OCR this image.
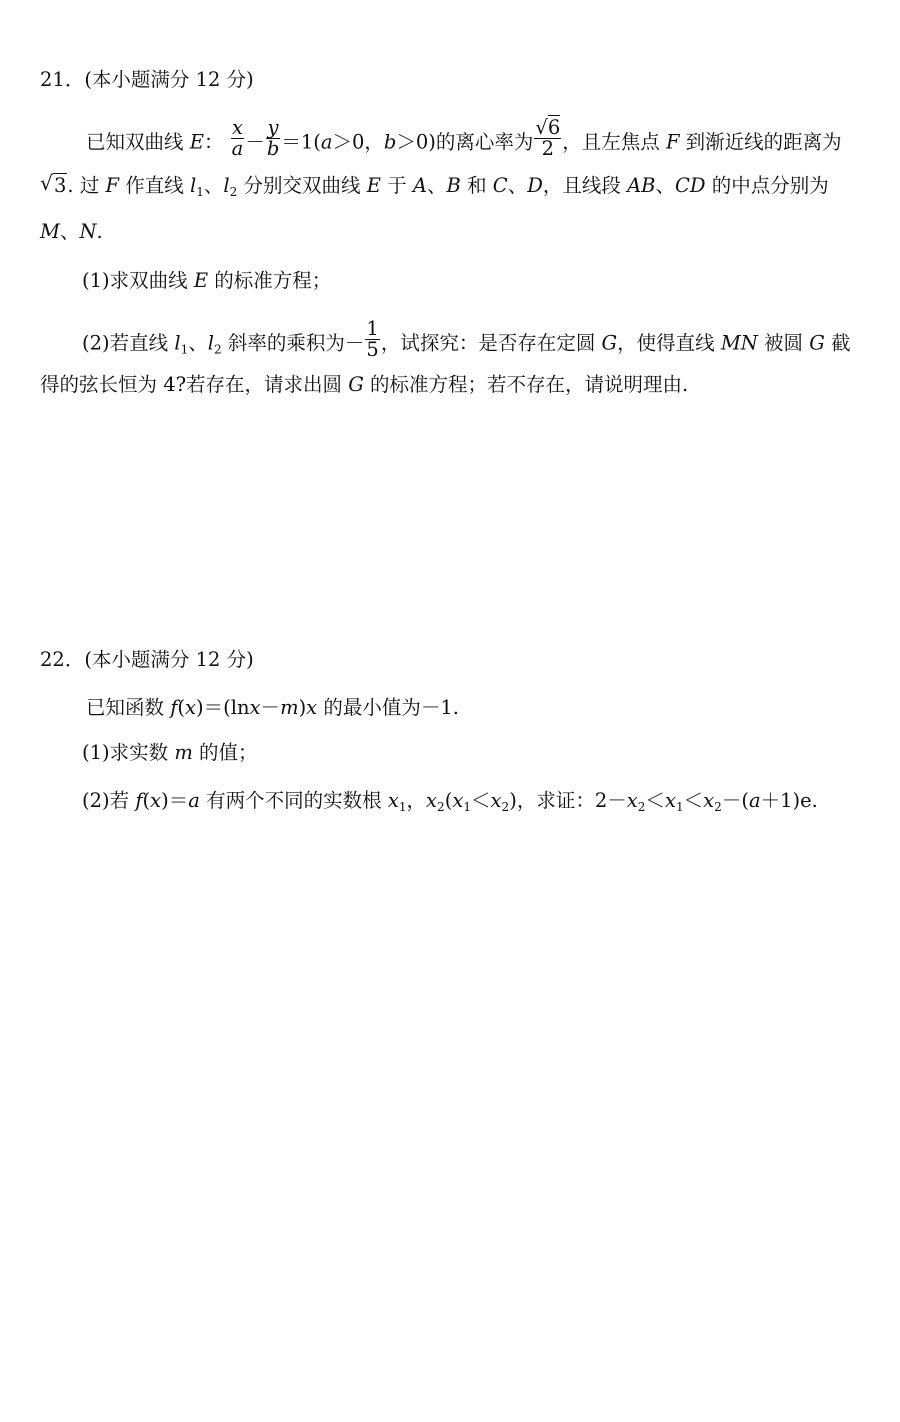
21．(本小题满分 12 分)
已知双曲线 E： $\frac{x}{a} - \frac{y}{b} =1(a>0$，b＞0)的离心率为 $\frac{√6}{2}$ ，且左焦点 F 到渐近线的距离为
√ 3. 过 F 作直线 $l_1$、$l_2$ 分别交双曲线 E 于 A、B 和 C、D，且线段 AB、CD 的中点分别为
M、N.
(1)求双曲线 E 的标准方程；
(2)若直线 $l_1$、$l_2$ 斜率的乘积为－ $\frac{1}{5}$ ，试探究：是否存在定圆 G，使得直线 MN 被圆 G 截
得的弦长恒为 4?若存在，请求出圆 G 的标准方程；若不存在，请说明理由.
22．(本小题满分 12 分)
已知函数 f(x)＝(lnx－m)x 的最小值为－1.
(1)求实数 m 的值；
(2)若 f(x)＝a 有两个不同的实数根 $x_1$，$x_2(x_1<x_2)$，求证：$2-x_2<x_1<x_2-(a+1)e$.
